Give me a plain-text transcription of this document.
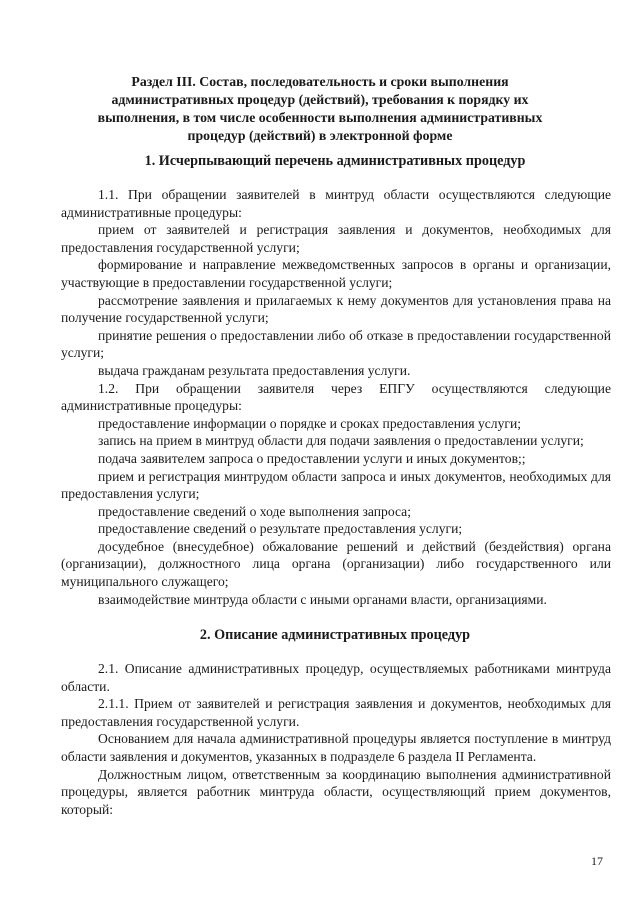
Раздел III. Состав, последовательность и сроки выполнения административных процедур (действий), требования к порядку их выполнения, в том числе особенности выполнения административных процедур (действий) в электронной форме
1. Исчерпывающий перечень административных процедур

1.1. При обращении заявителей в минтруд области осуществляются следующие административные процедуры:

прием от заявителей и регистрация заявления и документов, необходимых для предоставления государственной услуги;

формирование и направление межведомственных запросов в органы и организации, участвующие в предоставлении государственной услуги;

рассмотрение заявления и прилагаемых к нему документов для установления права на получение государственной услуги;

принятие решения о предоставлении либо об отказе в предоставлении государственной услуги;

выдача гражданам результата предоставления услуги.

1.2. При обращении заявителя через ЕПГУ осуществляются следующие административные процедуры:

предоставление информации о порядке и сроках предоставления услуги;

запись на прием в минтруд области для подачи заявления о предоставлении услуги;

подача заявителем запроса о предоставлении услуги и иных документов;;

прием и регистрация минтрудом области запроса и иных документов, необходимых для предоставления услуги;

предоставление сведений о ходе выполнения запроса;

предоставление сведений о результате предоставления услуги;

досудебное (внесудебное) обжалование решений и действий (бездействия) органа (организации), должностного лица органа (организации) либо государственного или муниципального служащего;

взаимодействие минтруда области с иными органами власти, организациями.

2. Описание административных процедур

2.1. Описание административных процедур, осуществляемых работниками минтруда области.

2.1.1. Прием от заявителей и регистрация заявления и документов, необходимых для предоставления государственной услуги.

Основанием для начала административной процедуры является поступление в минтруд области заявления и документов, указанных в подразделе 6 раздела II Регламента.

Должностным лицом, ответственным за координацию выполнения административной процедуры, является работник минтруда области, осуществляющий прием документов, который:

17
